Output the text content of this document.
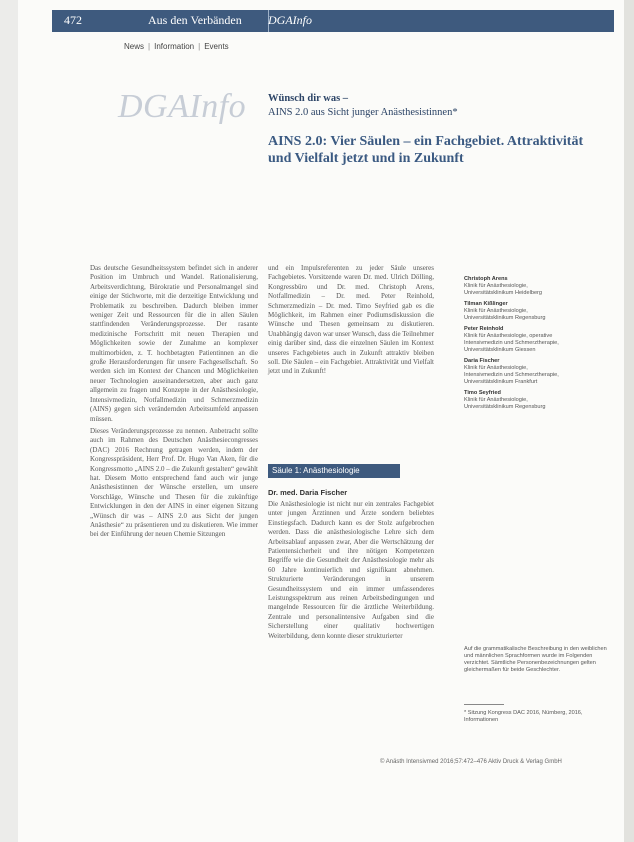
472	Aus den Verbänden DGAInfo
News | Information | Events
DGAInfo Wünsch dir was –
AINS 2.0 aus Sicht junger Anästhesistinnen*
AINS 2.0: Vier Säulen – ein Fachgebiet. Attraktivität und Vielfalt jetzt und in Zukunft

Das deutsche Gesundheitssystem befindet sich in anderer Position im Umbruch und Wandel. Rationalisierung, Arbeitsverdichtung, Bürokratie und Personalmangel sind einige der Stichworte, mit die derzeitige Entwicklung und Problematik zu beschreiben. Dadurch bleiben immer weniger Zeit und Ressourcen für die in allen Säulen stattfindenden Veränderungsprozesse. Der rasante medizinische Fortschritt mit neuen Therapien und Möglichkeiten sowie der Zunahme an komplexer multimorbiden, z. T. hochbetagten Patientinnen an die große Herausforderungen für unsere Fachgesellschaft. So werden sich im Kontext der Chancen und Möglichkeiten neuer Technologien auseinandersetzen, aber auch ganz allgemein zu fragen und Konzepte in der Anästhesiologie, Intensivmedizin, Notfallmedizin und Schmerzmedizin (AINS) gegen sich verändernden Arbeitsumfeld anpassen müssen.

Dieses Veränderungsprozesse zu nennen. Anbetracht sollte auch im Rahmen des Deutschen Anästhesiecongresses (DAC) 2016 Rechnung getragen werden, indem der Kongresspräsident, Herr Prof. Dr. Hugo Van Aken, für die Kongressmotto „AINS 2.0 – die Zukunft gestalten“ gewählt hat. Diesem Motto entsprechend fand auch wir junge Anästhesistinnen der Wünsche erstellen, um unsere Vorschläge, Wünsche und Thesen für die zukünftige Entwicklungen in den der AINS in einer eigenen Sitzung „Wünsch dir was – AINS 2.0 aus Sicht der jungen Anästhesie“ zu präsentieren und zu diskutieren. Wie immer bei der Einführung der neuen Chemie Sitzungen

und ein Impulsreferenten zu jeder Säule unseres Fachgebietes. Vorsitzende waren Dr. med. Ulrich Dölling, Kongressbüro und Dr. med. Christoph Arens, Notfallmedizin – Dr. med. Peter Reinhold, Schmerzmedizin – Dr. med. Timo Seyfried gab es die Möglichkeit, im Rahmen einer Podiumsdiskussion die Wünsche und Thesen gemeinsam zu diskutieren. Unabhängig davon war unser Wunsch, dass die Teilnehmer einig darüber sind, dass die einzelnen Säulen im Kontext unseres Fachgebietes auch in Zukunft attraktiv bleiben soll. Die Säulen – ein Fachgebiet. Attraktivität und Vielfalt jetzt und in Zukunft!

Säule 1: Anästhesiologie
Dr. med. Daria Fischer

Die Anästhesiologie ist nicht nur ein zentrales Fachgebiet unter jungen Ärztinnen und Ärzte sondern beliebtes Einstiegsfach. Dadurch kann es der Stolz aufgebrochen werden. Dass die anästhesiologische Lehre sich dem Arbeitsablauf anpassen zwar, Aber die Wertschätzung der Patientensicherheit und ihre nötigen Kompetenzen Begriffe wie die Gesundheit der Anästhesiologie mehr als 60 Jahre kontinuierlich und signifikant abnehmen. Strukturierte Veränderungen in unserem Gesundheitssystem und ein immer umfassenderes Leistungsspektrum aus reinen Arbeitsbedingungen und mangelnde Ressourcen für die ärztliche Weiterbildung. Zentrale und personalintensive Aufgaben sind die Sicherstellung einer qualitativ hochwertigen Weiterbildung, denn konnte dieser strukturierter

Christoph Arens
Klinik für Anästhesiologie,
Universitätsklinikum Heidelberg
Tilman Kißlinger
Klinik für Anästhesiologie,
Universitätsklinikum Regensburg
Peter Reinhold
Klinik für Anästhesiologie, operative
Intensivmedizin und Schmerztherapie,
Universitätsklinikum Giessen
Daria Fischer
Klinik für Anästhesiologie,
Intensivmedizin und Schmerztherapie,
Universitätsklinikum Frankfurt
Timo Seyfried
Klinik für Anästhesiologie,
Universitätsklinikum Regensburg
Auf die grammatikalische Beschreibung in den weiblichen und männlichen Sprachformen wurde im Folgenden verzichtet. Sämtliche Personenbezeichnungen gelten gleichermaßen für beide Geschlechter.
* Sitzung Kongress DAC 2016, Nürnberg, 2016, Informationen
© Anästh Intensivmed 2016;57:472–476 Aktiv Druck & Verlag GmbH
